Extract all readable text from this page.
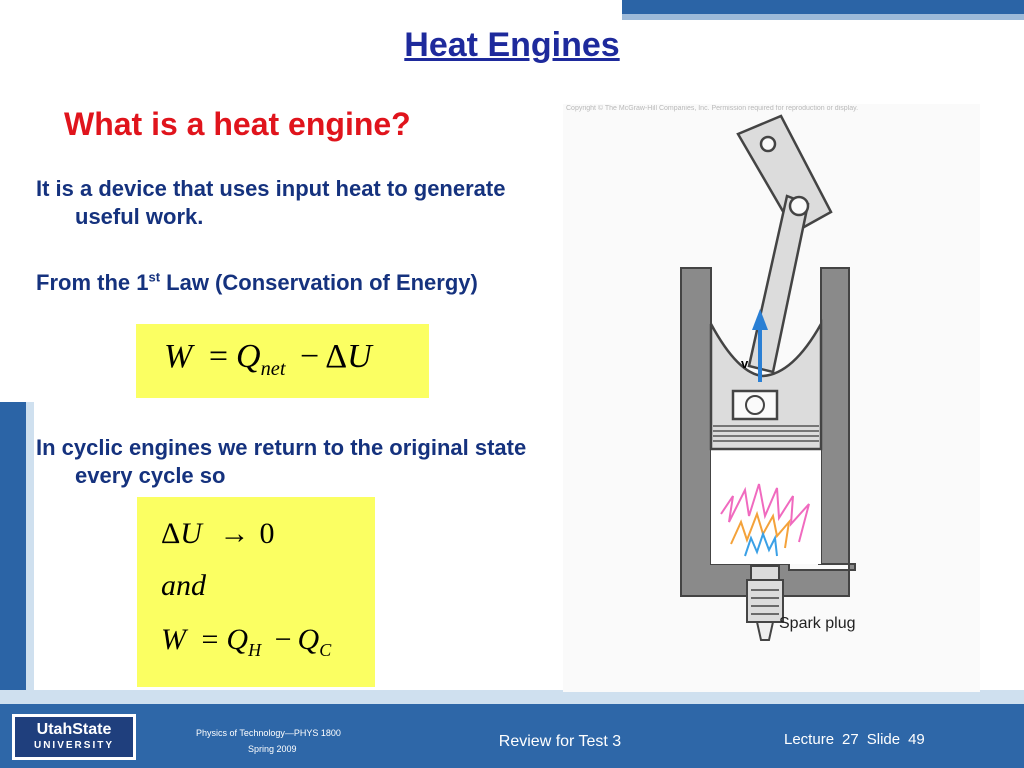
Heat Engines
What is a heat engine?
It is a device that uses input heat to generate useful work.
From the 1st Law (Conservation of Energy)
$W = Q_{net} - \Delta U$
In cyclic engines we return to the original state every cycle so
ΔU → 0
and
$W = Q_H - Q_C$
v
Spark plug
Copyright © The McGraw-Hill Companies, Inc. Permission required for reproduction or display.
UtahState
UNIVERSITY
Physics of Technology—PHYS 1800
Spring 2009	Review for Test 3	Lecture 27 Slide 49
